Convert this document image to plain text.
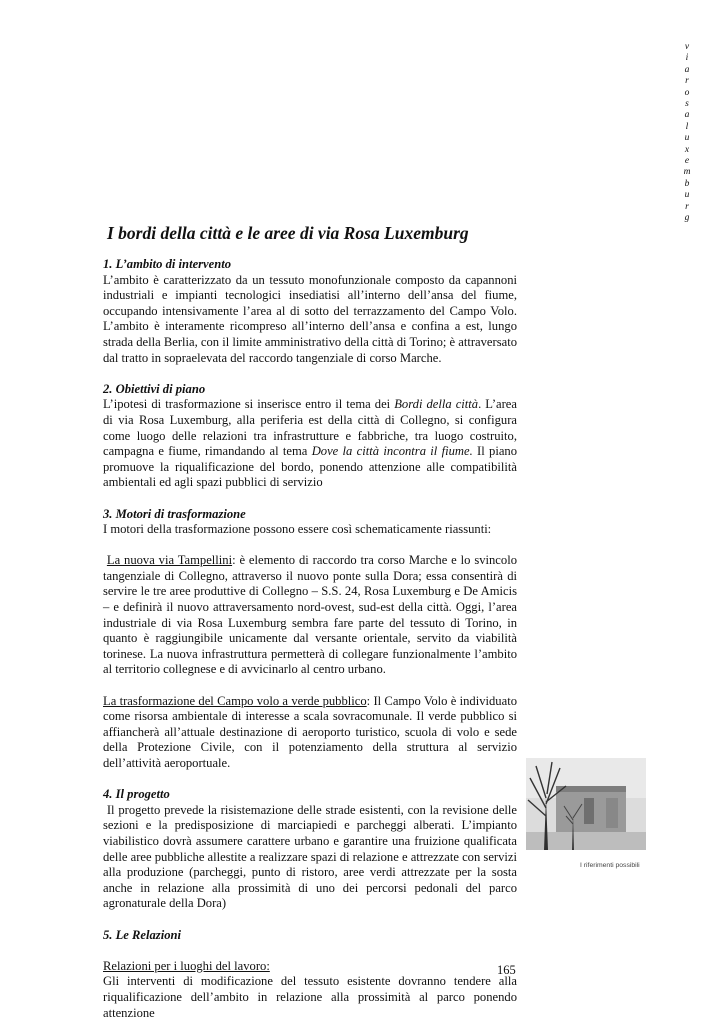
v
i
a
r
o
s
a
l
u
x
e
m
b
u
r
g
I bordi della città e le aree di via Rosa Luxemburg

1. L’ambito di intervento

L’ambito è caratterizzato da un tessuto monofunzionale composto da capannoni industriali e impianti tecnologici insediatisi all’interno dell’ansa del fiume, occupando intensivamente l’area al di sotto del terrazzamento del Campo Volo. L’ambito è interamente ricompreso all’interno dell’ansa e confina a est, lungo strada della Berlia, con il limite amministrativo della città di Torino; è attraversato dal tratto in sopraelevata del raccordo tangenziale di corso Marche.

2. Obiettivi di piano

L’ipotesi di trasformazione si inserisce entro il tema dei Bordi della città. L’area di via Rosa Luxemburg, alla periferia est della città di Collegno, si configura come luogo delle relazioni tra infrastrutture e fabbriche, tra luogo costruito, campagna e fiume, rimandando al tema Dove la città incontra il fiume. Il piano promuove la riqualificazione del bordo, ponendo attenzione alle compatibilità ambientali ed agli spazi pubblici di servizio

3. Motori di trasformazione

I motori della trasformazione possono essere così schematicamente riassunti:

La nuova via Tampellini: è elemento di raccordo tra corso Marche e lo svincolo tangenziale di Collegno, attraverso il nuovo ponte sulla Dora; essa consentirà di servire le tre aree produttive di Collegno – S.S. 24, Rosa Luxemburg e De Amicis – e definirà il nuovo attraversamento nord-ovest, sud-est della città. Oggi, l’area industriale di via Rosa Luxemburg sembra fare parte del tessuto di Torino, in quanto è raggiungibile unicamente dal versante orientale, servito da viabilità torinese. La nuova infrastruttura permetterà di collegare funzionalmente l’ambito al territorio collegnese e di avvicinarlo al centro urbano.

La trasformazione del Campo volo a verde pubblico: Il Campo Volo è individuato come risorsa ambientale di interesse a scala sovracomunale. Il verde pubblico si affiancherà all’attuale destinazione di aeroporto turistico, scuola di volo e sede della Protezione Civile, con il potenziamento della struttura al servizio dell’attività aeroportuale.

4. Il progetto

Il progetto prevede la risistemazione delle strade esistenti, con la revisione delle sezioni e la predisposizione di marciapiedi e parcheggi alberati. L’impianto viabilistico dovrà assumere carattere urbano e garantire una fruizione qualificata delle aree pubbliche allestite a realizzare spazi di relazione e attrezzate con servizi alla produzione (parcheggi, punto di ristoro, aree verdi attrezzate per la sosta anche in relazione alla prossimità di uno dei percorsi pedonali del parco agronaturale della Dora)

5. Le Relazioni

Relazioni per i luoghi del lavoro:

Gli interventi di modificazione del tessuto esistente dovranno tendere alla riqualificazione dell’ambito in relazione alla prossimità al parco ponendo attenzione

I riferimenti possibili
165
